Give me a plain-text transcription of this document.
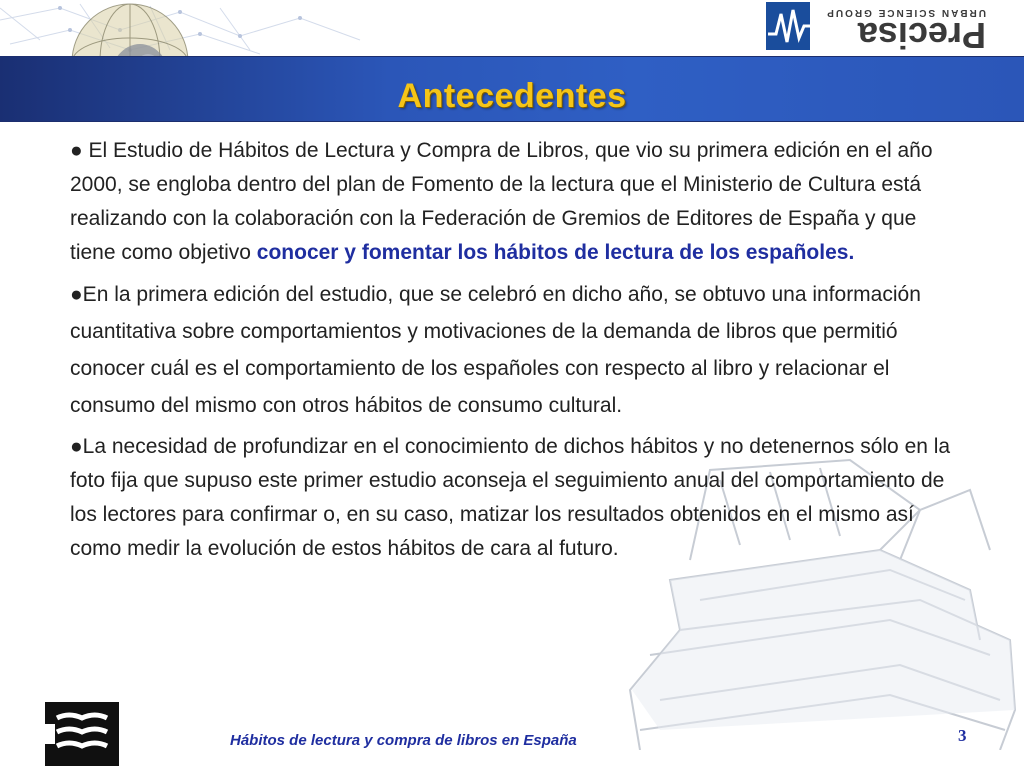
Antecedentes
Precisa
URBAN SCIENCE GROUP

● El Estudio de Hábitos de Lectura y Compra de Libros, que vio su primera edición en el año 2000, se engloba dentro del plan de Fomento de la lectura que el Ministerio de Cultura está realizando con la colaboración con la Federación de Gremios de Editores de España y que tiene como objetivo conocer y fomentar los hábitos de lectura de los españoles.

●En la primera edición del estudio, que se celebró en dicho año, se obtuvo una información cuantitativa sobre comportamientos y motivaciones de la demanda de libros que permitió conocer cuál es el comportamiento de los españoles con respecto al libro y relacionar el consumo del mismo con otros hábitos de consumo cultural.

●La necesidad de profundizar en el conocimiento de dichos hábitos y no detenernos sólo en la foto fija que supuso este primer estudio aconseja el seguimiento anual del comportamiento de los lectores para confirmar o, en su caso, matizar los resultados obtenidos en el mismo así como medir la evolución de estos hábitos de cara al futuro.

Hábitos de lectura y compra de libros en España	3
